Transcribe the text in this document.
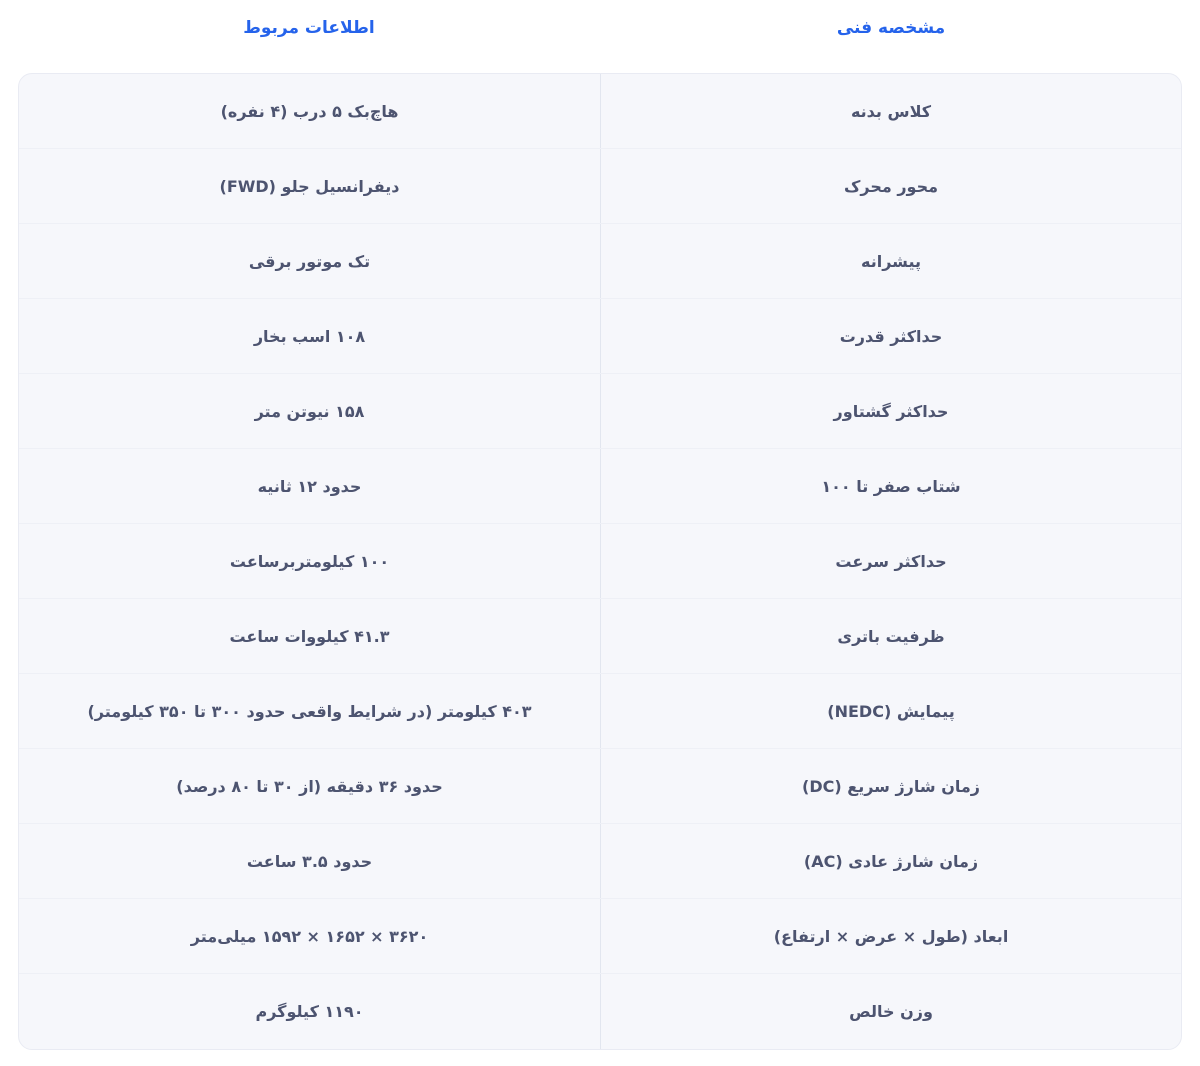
مشخصه فنی
اطلاعات مربوط
کلاس بدنه
هاچ‌بک ۵ درب (۴ نفره)
محور محرک
دیفرانسیل جلو (FWD)
پیشرانه
تک موتور برقی
حداکثر قدرت
۱۰۸ اسب بخار
حداکثر گشتاور
۱۵۸ نیوتن متر
شتاب صفر تا ۱۰۰
حدود ۱۲ ثانیه
حداکثر سرعت
۱۰۰ کیلومتربرساعت
ظرفیت باتری
۴۱.۳ کیلووات ساعت
پیمایش (NEDC)
۴۰۳ کیلومتر (در شرایط واقعی حدود ۳۰۰ تا ۳۵۰ کیلومتر)
زمان شارژ سریع (DC)
حدود ۳۶ دقیقه (از ۳۰ تا ۸۰ درصد)
زمان شارژ عادی (AC)
حدود ۳.۵ ساعت
ابعاد (طول × عرض × ارتفاع)
۳۶۲۰ × ۱۶۵۲ × ۱۵۹۲ میلی‌متر
وزن خالص
۱۱۹۰ کیلوگرم
